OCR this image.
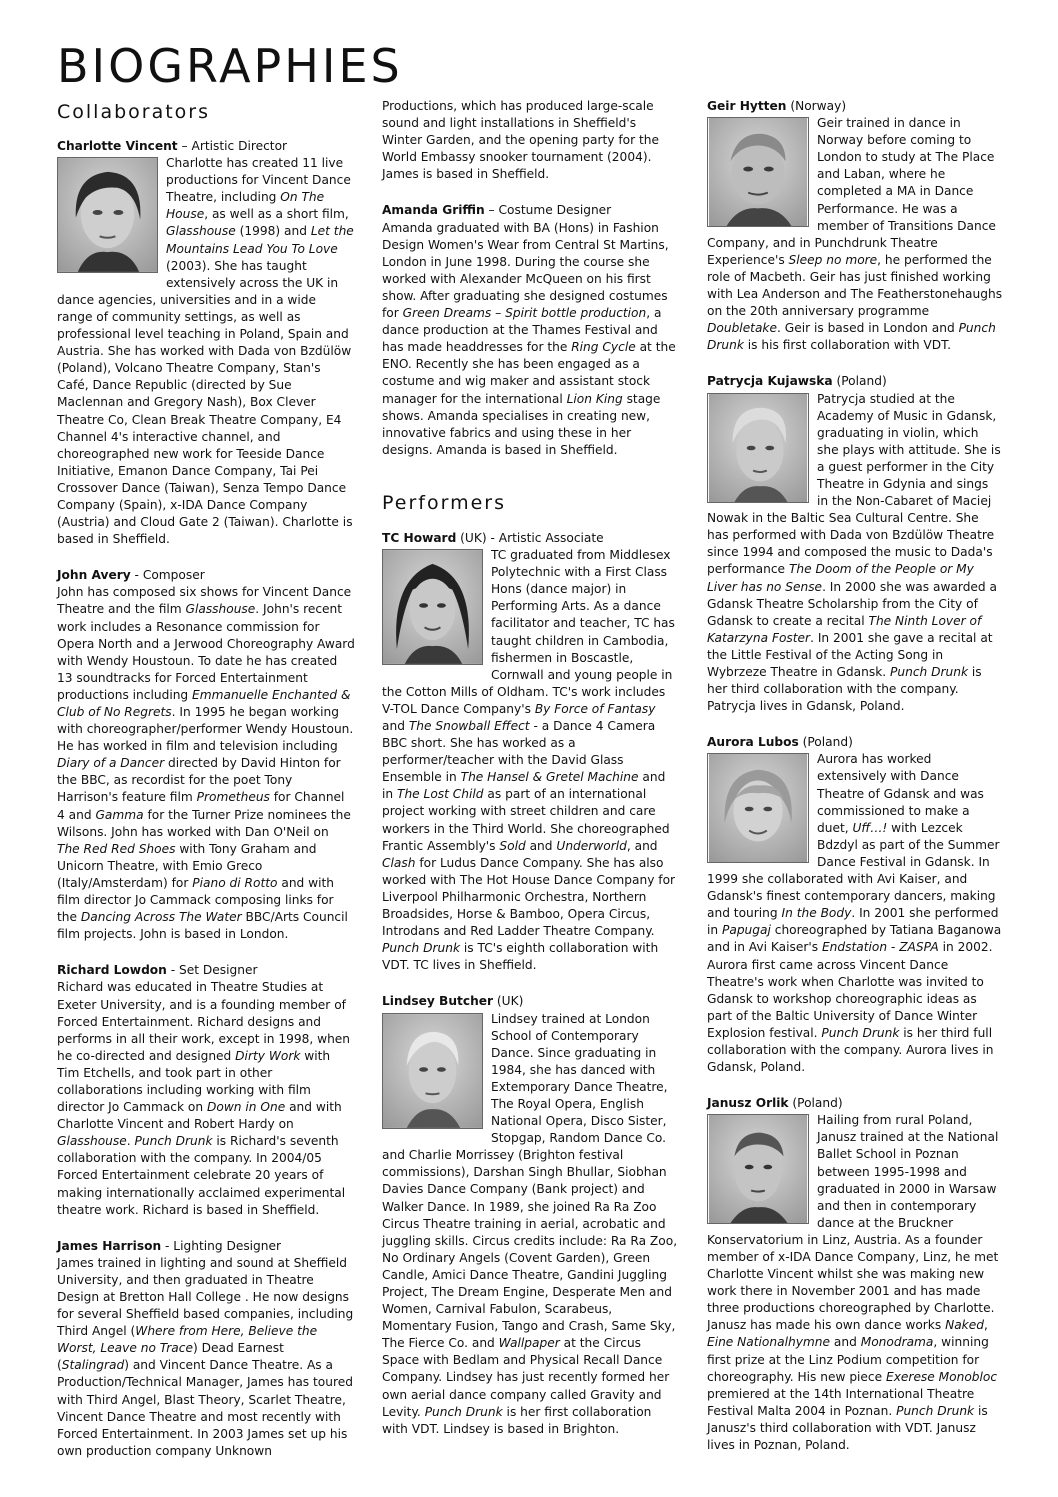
BIOGRAPHIES
Collaborators
Charlotte Vincent – Artistic Director

Charlotte has created 11 live productions for Vincent Dance Theatre, including On The House, as well as a short film, Glasshouse (1998) and Let the Mountains Lead You To Love (2003). She has taught extensively across the UK in dance agencies, universities and in a wide range of community settings, as well as professional level teaching in Poland, Spain and Austria. She has worked with Dada von Bzdülöw (Poland), Volcano Theatre Company, Stan's Café, Dance Republic (directed by Sue Maclennan and Gregory Nash), Box Clever Theatre Co, Clean Break Theatre Company, E4 Channel 4's interactive channel, and choreographed new work for Teeside Dance Initiative, Emanon Dance Company, Tai Pei Crossover Dance (Taiwan), Senza Tempo Dance Company (Spain), x-IDA Dance Company (Austria) and Cloud Gate 2 (Taiwan). Charlotte is based in Sheffield.

John Avery - Composer

John has composed six shows for Vincent Dance Theatre and the film Glasshouse. John's recent work includes a Resonance commission for Opera North and a Jerwood Choreography Award with Wendy Houstoun. To date he has created 13 soundtracks for Forced Entertainment productions including Emmanuelle Enchanted & Club of No Regrets. In 1995 he began working with choreographer/performer Wendy Houstoun. He has worked in film and television including Diary of a Dancer directed by David Hinton for the BBC, as recordist for the poet Tony Harrison's feature film Prometheus for Channel 4 and Gamma for the Turner Prize nominees the Wilsons. John has worked with Dan O'Neil on The Red Red Shoes with Tony Graham and Unicorn Theatre, with Emio Greco (Italy/Amsterdam) for Piano di Rotto and with film director Jo Cammack composing links for the Dancing Across The Water BBC/Arts Council film projects. John is based in London.

Richard Lowdon - Set Designer

Richard was educated in Theatre Studies at Exeter University, and is a founding member of Forced Entertainment. Richard designs and performs in all their work, except in 1998, when he co-directed and designed Dirty Work with Tim Etchells, and took part in other collaborations including working with film director Jo Cammack on Down in One and with Charlotte Vincent and Robert Hardy on Glasshouse. Punch Drunk is Richard's seventh collaboration with the company. In 2004/05 Forced Entertainment celebrate 20 years of making internationally acclaimed experimental theatre work. Richard is based in Sheffield.

James Harrison - Lighting Designer

James trained in lighting and sound at Sheffield University, and then graduated in Theatre Design at Bretton Hall College . He now designs for several Sheffield based companies, including Third Angel (Where from Here, Believe the Worst, Leave no Trace) Dead Earnest (Stalingrad) and Vincent Dance Theatre. As a Production/Technical Manager, James has toured with Third Angel, Blast Theory, Scarlet Theatre, Vincent Dance Theatre and most recently with Forced Entertainment. In 2003 James set up his own production company Unknown

Productions, which has produced large-scale sound and light installations in Sheffield's Winter Garden, and the opening party for the World Embassy snooker tournament (2004). James is based in Sheffield.

Amanda Griffin – Costume Designer

Amanda graduated with BA (Hons) in Fashion Design Women's Wear from Central St Martins, London in June 1998. During the course she worked with Alexander McQueen on his first show. After graduating she designed costumes for Green Dreams – Spirit bottle production, a dance production at the Thames Festival and has made headdresses for the Ring Cycle at the ENO. Recently she has been engaged as a costume and wig maker and assistant stock manager for the international Lion King stage shows. Amanda specialises in creating new, innovative fabrics and using these in her designs. Amanda is based in Sheffield.

Performers
TC Howard (UK) - Artistic Associate

TC graduated from Middlesex Polytechnic with a First Class Hons (dance major) in Performing Arts. As a dance facilitator and teacher, TC has taught children in Cambodia, fishermen in Boscastle, Cornwall and young people in the Cotton Mills of Oldham. TC's work includes V-TOL Dance Company's By Force of Fantasy and The Snowball Effect - a Dance 4 Camera BBC short. She has worked as a performer/teacher with the David Glass Ensemble in The Hansel & Gretel Machine and in The Lost Child as part of an international project working with street children and care workers in the Third World. She choreographed Frantic Assembly's Sold and Underworld, and Clash for Ludus Dance Company. She has also worked with The Hot House Dance Company for Liverpool Philharmonic Orchestra, Northern Broadsides, Horse & Bamboo, Opera Circus, Introdans and Red Ladder Theatre Company. Punch Drunk is TC's eighth collaboration with VDT. TC lives in Sheffield.

Lindsey Butcher (UK)

Lindsey trained at London School of Contemporary Dance. Since graduating in 1984, she has danced with Extemporary Dance Theatre, The Royal Opera, English National Opera, Disco Sister, Stopgap, Random Dance Co. and Charlie Morrissey (Brighton festival commissions), Darshan Singh Bhullar, Siobhan Davies Dance Company (Bank project) and Walker Dance. In 1989, she joined Ra Ra Zoo Circus Theatre training in aerial, acrobatic and juggling skills. Circus credits include: Ra Ra Zoo, No Ordinary Angels (Covent Garden), Green Candle, Amici Dance Theatre, Gandini Juggling Project, The Dream Engine, Desperate Men and Women, Carnival Fabulon, Scarabeus, Momentary Fusion, Tango and Crash, Same Sky, The Fierce Co. and Wallpaper at the Circus Space with Bedlam and Physical Recall Dance Company. Lindsey has just recently formed her own aerial dance company called Gravity and Levity. Punch Drunk is her first collaboration with VDT. Lindsey is based in Brighton.

Geir Hytten (Norway)

Geir trained in dance in Norway before coming to London to study at The Place and Laban, where he completed a MA in Dance Performance. He was a member of Transitions Dance Company, and in Punchdrunk Theatre Experience's Sleep no more, he performed the role of Macbeth. Geir has just finished working with Lea Anderson and The Featherstonehaughs on the 20th anniversary programme Doubletake. Geir is based in London and Punch Drunk is his first collaboration with VDT.

Patrycja Kujawska (Poland)

Patrycja studied at the Academy of Music in Gdansk, graduating in violin, which she plays with attitude. She is a guest performer in the City Theatre in Gdynia and sings in the Non-Cabaret of Maciej Nowak in the Baltic Sea Cultural Centre. She has performed with Dada von Bzdülöw Theatre since 1994 and composed the music to Dada's performance The Doom of the People or My Liver has no Sense. In 2000 she was awarded a Gdansk Theatre Scholarship from the City of Gdansk to create a recital The Ninth Lover of Katarzyna Foster. In 2001 she gave a recital at the Little Festival of the Acting Song in Wybrzeze Theatre in Gdansk. Punch Drunk is her third collaboration with the company. Patrycja lives in Gdansk, Poland.

Aurora Lubos (Poland)

Aurora has worked extensively with Dance Theatre of Gdansk and was commissioned to make a duet, Uff…! with Lezcek Bdzdyl as part of the Summer Dance Festival in Gdansk. In 1999 she collaborated with Avi Kaiser, and Gdansk's finest contemporary dancers, making and touring In the Body. In 2001 she performed in Papugaj choreographed by Tatiana Baganowa and in Avi Kaiser's Endstation - ZASPA in 2002. Aurora first came across Vincent Dance Theatre's work when Charlotte was invited to Gdansk to workshop choreographic ideas as part of the Baltic University of Dance Winter Explosion festival. Punch Drunk is her third full collaboration with the company. Aurora lives in Gdansk, Poland.

Janusz Orlik (Poland)

Hailing from rural Poland, Janusz trained at the National Ballet School in Poznan between 1995-1998 and graduated in 2000 in Warsaw and then in contemporary dance at the Bruckner Konservatorium in Linz, Austria. As a founder member of x-IDA Dance Company, Linz, he met Charlotte Vincent whilst she was making new work there in November 2001 and has made three productions choreographed by Charlotte. Janusz has made his own dance works Naked, Eine Nationalhymne and Monodrama, winning first prize at the Linz Podium competition for choreography. His new piece Exerese Monobloc premiered at the 14th International Theatre Festival Malta 2004 in Poznan. Punch Drunk is Janusz's third collaboration with VDT. Janusz lives in Poznan, Poland.
